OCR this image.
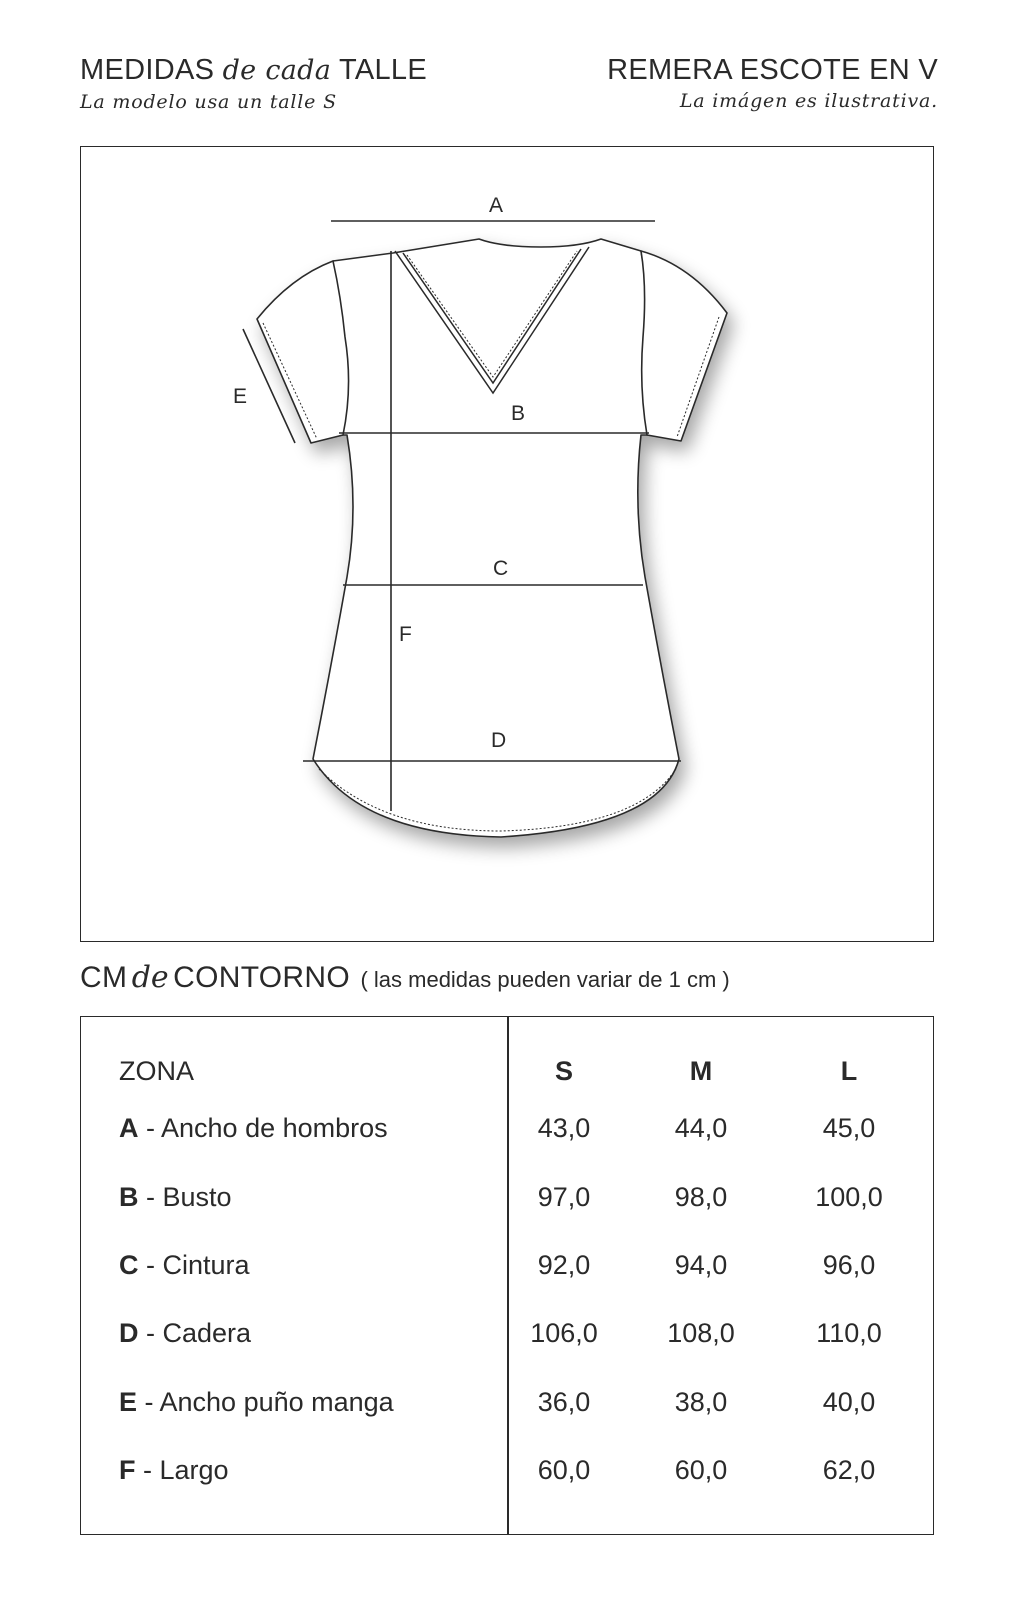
MEDIDAS de cada TALLE
La modelo usa un talle S
REMERA ESCOTE EN V
La imágen es ilustrativa.
A
B
C
D
E
F
CM de CONTORNO ( las medidas pueden variar de 1 cm )
ZONA	S	M	L
A - Ancho de hombros	43,0	44,0	45,0
B - Busto	97,0	98,0	100,0
C - Cintura	92,0	94,0	96,0
D - Cadera	106,0	108,0	110,0
E - Ancho puño manga	36,0	38,0	40,0
F - Largo	60,0	60,0	62,0
